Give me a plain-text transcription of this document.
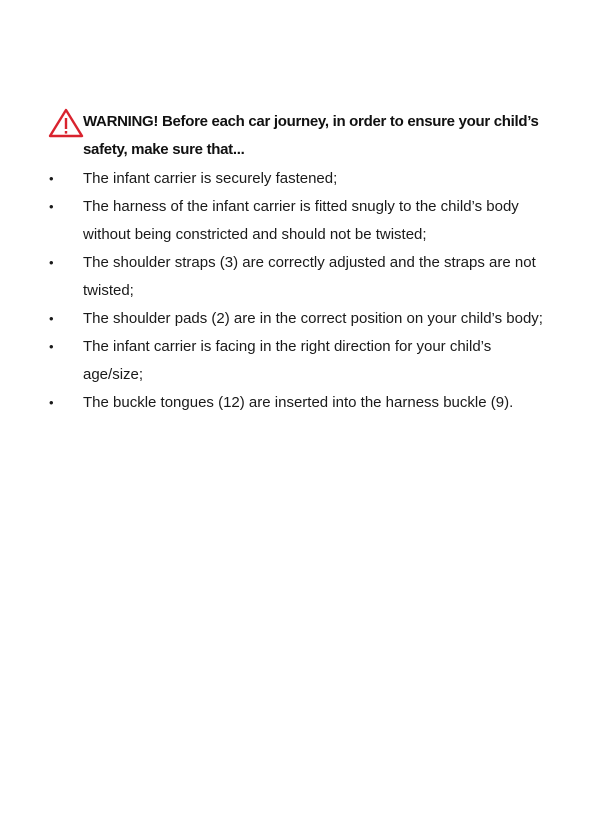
WARNING! Before each car journey, in order to ensure your child’s safety, make sure that...
• The infant carrier is securely fastened;
• The harness of the infant carrier is fitted snugly to the child’s body without being constricted and should not be twisted;
• The shoulder straps (3) are correctly adjusted and the straps are not twisted;
• The shoulder pads (2) are in the correct position on your child’s body;
• The infant carrier is facing in the right direction for your child’s age/size;
• The buckle tongues (12) are inserted into the harness buckle (9).
